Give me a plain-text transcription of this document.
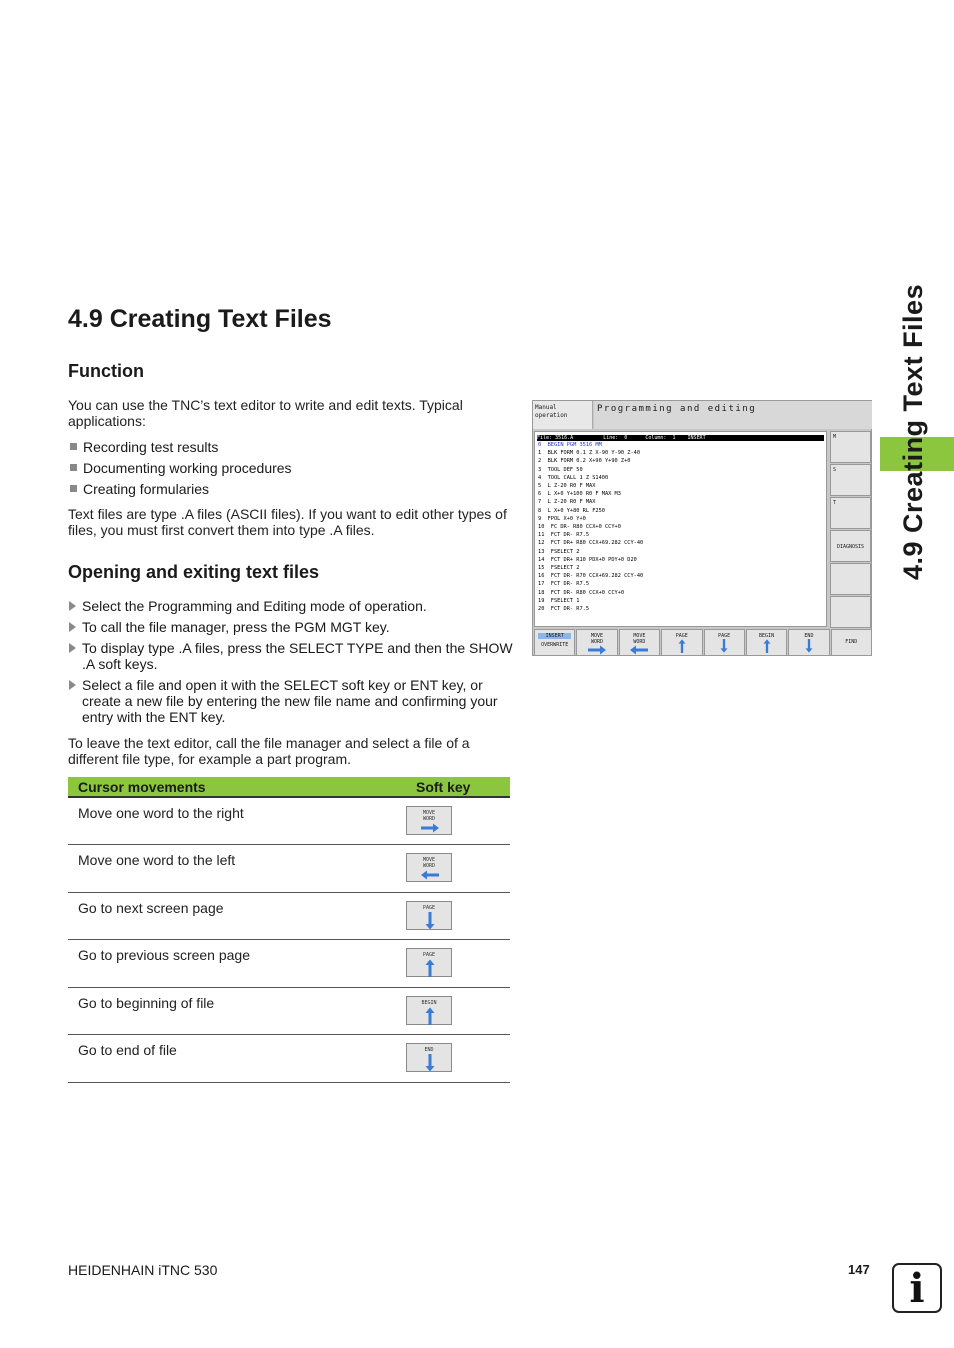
4.9 Creating Text Files
4.9 Creating Text Files
Function

You can use the TNC’s text editor to write and edit texts. Typical applications:

Recording test results
Documenting working procedures
Creating formularies

Text files are type .A files (ASCII files). If you want to edit other types of files, you must first convert them into type .A files.

Opening and exiting text files
Select the Programming and Editing mode of operation.
To call the file manager, press the PGM MGT key.
To display type .A files, press the SELECT TYPE and then the SHOW .A soft keys.
Select a file and open it with the SELECT soft key or ENT key, or create a new file by entering the new file name and confirming your entry with the ENT key.

To leave the text editor, call the file manager and select a file of a different file type, for example a part program.

Cursor movements	Soft key
Move one word to the right	MOVE
WORD

Move one word to the left	MOVE
WORD

Go to next screen page	PAGE

Go to previous screen page	PAGE

Go to beginning of file	BEGIN

Go to end of file	END
Manual
operation
Programming and editing
File: 3516.A          Line:  0      Column:  1    INSERT
0  BEGIN PGM 3516 MM
1  BLK FORM 0.1 Z X-90 Y-90 Z-40
2  BLK FORM 0.2 X+90 Y+90 Z+0
3  TOOL DEF 50
4  TOOL CALL 1 Z S1400
5  L Z-20 R0 F MAX
6  L X+0 Y+100 R0 F MAX M3
7  L Z-20 R0 F MAX
8  L X+0 Y+80 RL F250
9  FPOL X+0 Y+0
10  FC DR- R80 CCX+0 CCY+0
11  FCT DR- R7.5
12  FCT DR+ R80 CCX+69.282 CCY-40
13  FSELECT 2
14  FCT DR+ R10 PDX+0 PDY+0 D20
15  FSELECT 2
16  FCT DR- R70 CCX+69.282 CCY-40
17  FCT DR- R7.5
18  FCT DR- R80 CCX+0 CCY+0
19  FSELECT 1
20  FCT DR- R7.5
M
S
T
DIAGNOSIS
INSERT
OVERWRITE
MOVE
WORD
MOVE
WORD
PAGE	PAGE	BEGIN	END
FIND
HEIDENHAIN iTNC 530	147 i
